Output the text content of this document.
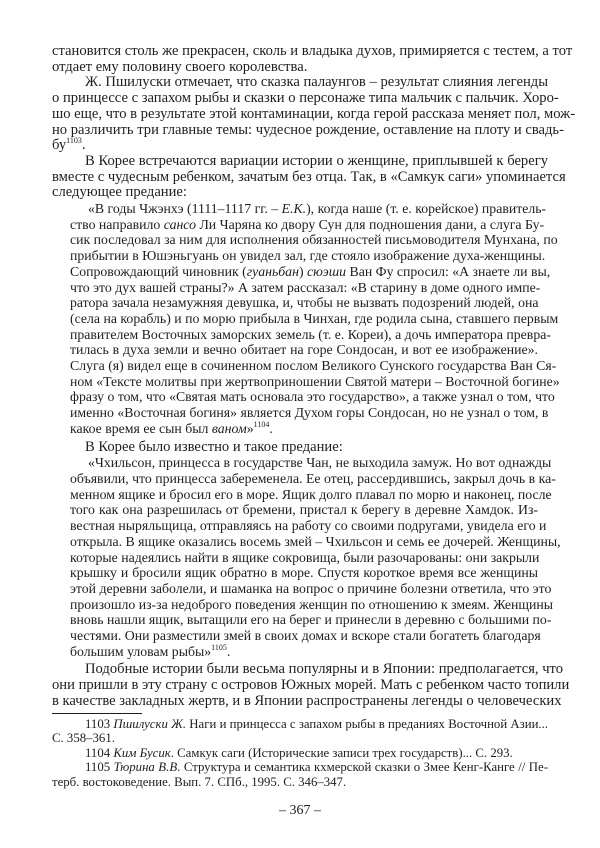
становится столь же прекрасен, сколь и владыка духов, примиряется с тестем, а тот
отдает ему половину своего королевства.
Ж. Пшилуски отмечает, что сказка палаунгов – результат слияния легенды
о принцессе с запахом рыбы и сказки о персонаже типа мальчик с пальчик. Хоро-
шо еще, что в результате этой контаминации, когда герой рассказа меняет пол, мож-
но различить три главные темы: чудесное рождение, оставление на плоту и свадь-
$бу^{1103}$.
В Корее встречаются вариации истории о женщине, приплывшей к берегу
вместе с чудесным ребенком, зачатым без отца. Так, в «Самкук саги» упоминается
следующее предание:
«В годы Чжэнхэ (1111–1117 гг. – Е.К.), когда наше (т. е. корейское) правитель-
ство направило сансо Ли Чаряна ко двору Сун для подношения дани, а слуга Бу-
сик последовал за ним для исполнения обязанностей письмоводителя Мунхана, по
прибытии в Юшэньгуань он увидел зал, где стояло изображение духа-женщины.
Сопровождающий чиновник (гуаньбан) сюэши Ван Фу спросил: «А знаете ли вы,
что это дух вашей страны?» А затем рассказал: «В старину в доме одного импе-
ратора зачала незамужняя девушка, и, чтобы не вызвать подозрений людей, она
(села на корабль) и по морю прибыла в Чинхан, где родила сына, ставшего первым
правителем Восточных заморских земель (т. е. Кореи), а дочь императора превра-
тилась в духа земли и вечно обитает на горе Сондосан, и вот ее изображение».
Слуга (я) видел еще в сочиненном послом Великого Сунского государства Ван Ся-
ном «Тексте молитвы при жертвоприношении Святой матери – Восточной богине»
фразу о том, что «Святая мать основала это государство», а также узнал о том, что
именно «Восточная богиня» является Духом горы Сондосан, но не узнал о том, в
какое время ее сын был ваном»$^{1104}$.
В Корее было известно и такое предание:
«Чхильсон, принцесса в государстве Чан, не выходила замуж. Но вот однажды
объявили, что принцесса забеременела. Ее отец, рассердившись, закрыл дочь в ка-
менном ящике и бросил его в море. Ящик долго плавал по морю и наконец, после
того как она разрешилась от бремени, пристал к берегу в деревне Хамдок. Из-
вестная ныряльщица, отправляясь на работу со своими подругами, увидела его и
открыла. В ящике оказались восемь змей – Чхильсон и семь ее дочерей. Женщины,
которые надеялись найти в ящике сокровища, были разочарованы: они закрыли
крышку и бросили ящик обратно в море. Спустя короткое время все женщины
этой деревни заболели, и шаманка на вопрос о причине болезни ответила, что это
произошло из-за недоброго поведения женщин по отношению к змеям. Женщины
вновь нашли ящик, вытащили его на берег и принесли в деревню с большими по-
честями. Они разместили змей в своих домах и вскоре стали богатеть благодаря
большим уловам рыбы»$^{1105}$.
Подобные истории были весьма популярны и в Японии: предполагается, что
они пришли в эту страну с островов Южных морей. Мать с ребенком часто топили
в качестве закладных жертв, и в Японии распространены легенды о человеческих
1103 Пшилуски Ж. Наги и принцесса с запахом рыбы в преданиях Восточной Азии...
С. 358–361.
1104 Ким Бусик. Самкук саги (Исторические записи трех государств)... С. 293.
1105 Тюрина В.В. Структура и семантика кхмерской сказки о Змее Кенг-Канге // Пе-
терб. востоковедение. Вып. 7. СПб., 1995. С. 346–347.
– 367 –
